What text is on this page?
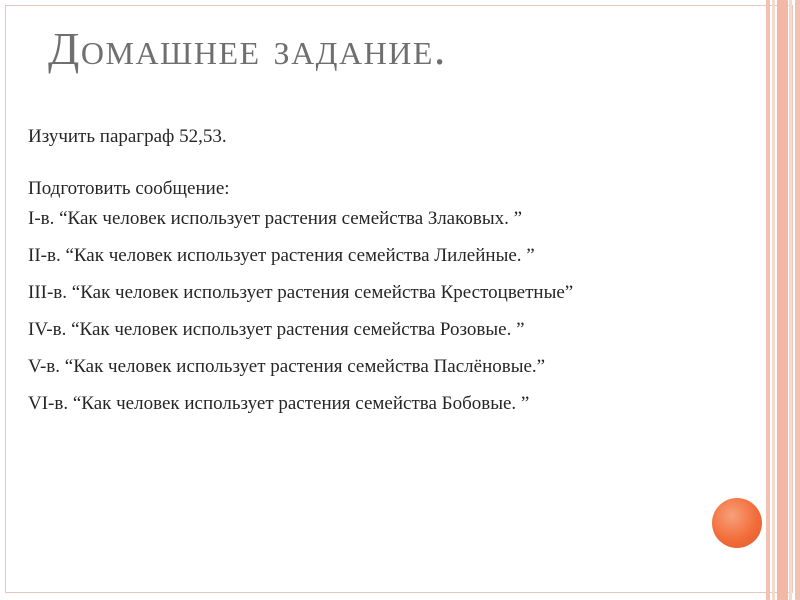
Домашнее задание.
Изучить параграф 52,53.
Подготовить сообщение:
I-в. “Как человек использует растения семейства Злаковых. ”
II-в. “Как человек использует растения семейства Лилейные. ”
III-в. “Как человек использует растения семейства Крестоцветные”
IV-в. “Как человек использует растения семейства Розовые. ”
V-в. “Как человек использует растения семейства Паслёновые.”
VI-в. “Как человек использует растения семейства Бобовые. ”
